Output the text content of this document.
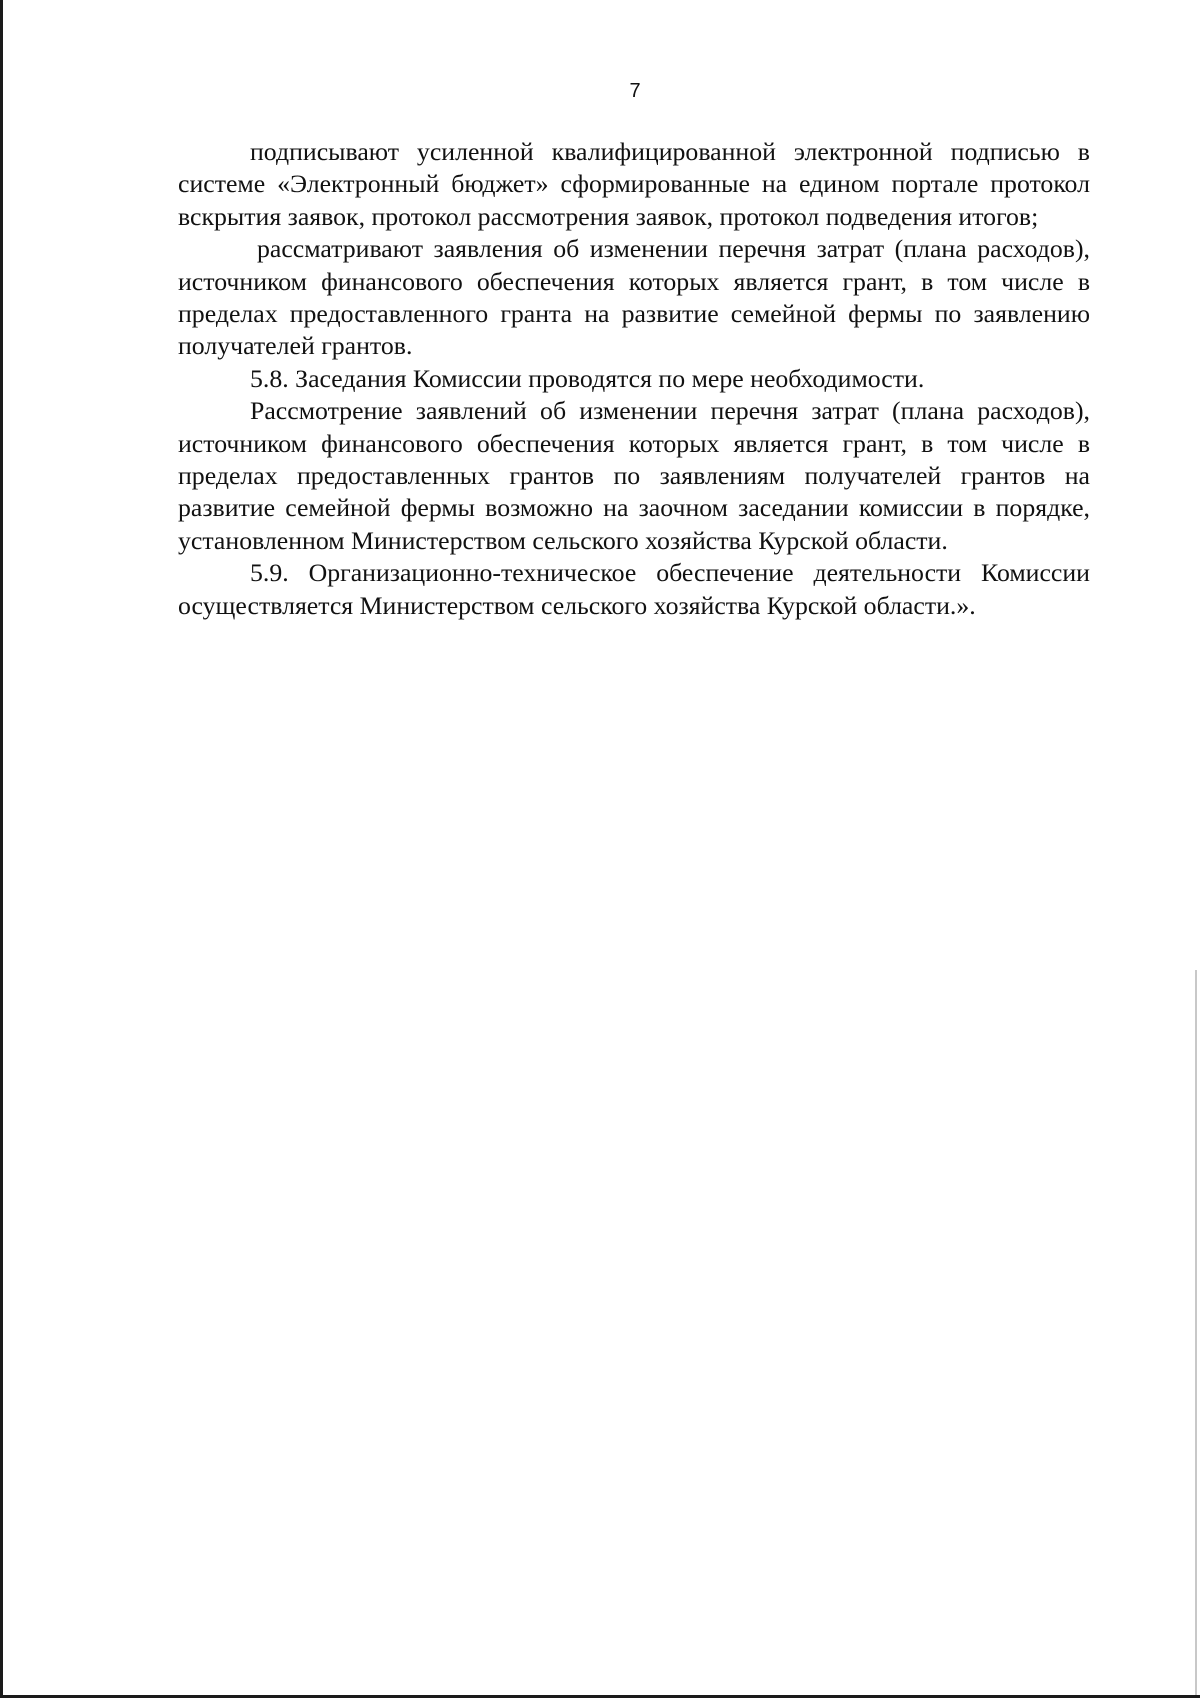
7

подписывают усиленной квалифицированной электронной подписью в системе «Электронный бюджет» сформированные на едином портале протокол вскрытия заявок, протокол рассмотрения заявок, протокол подведения итогов;

рассматривают заявления об изменении перечня затрат (плана расходов), источником финансового обеспечения которых является грант, в том числе в пределах предоставленного гранта на развитие семейной фермы по заявлению получателей грантов.

5.8. Заседания Комиссии проводятся по мере необходимости.

Рассмотрение заявлений об изменении перечня затрат (плана расходов), источником финансового обеспечения которых является грант, в том числе в пределах предоставленных грантов по заявлениям получателей грантов на развитие семейной фермы возможно на заочном заседании комиссии в порядке, установленном Министерством сельского хозяйства Курской области.

5.9. Организационно-техническое обеспечение деятельности Комиссии осуществляется Министерством сельского хозяйства Курской области.».
